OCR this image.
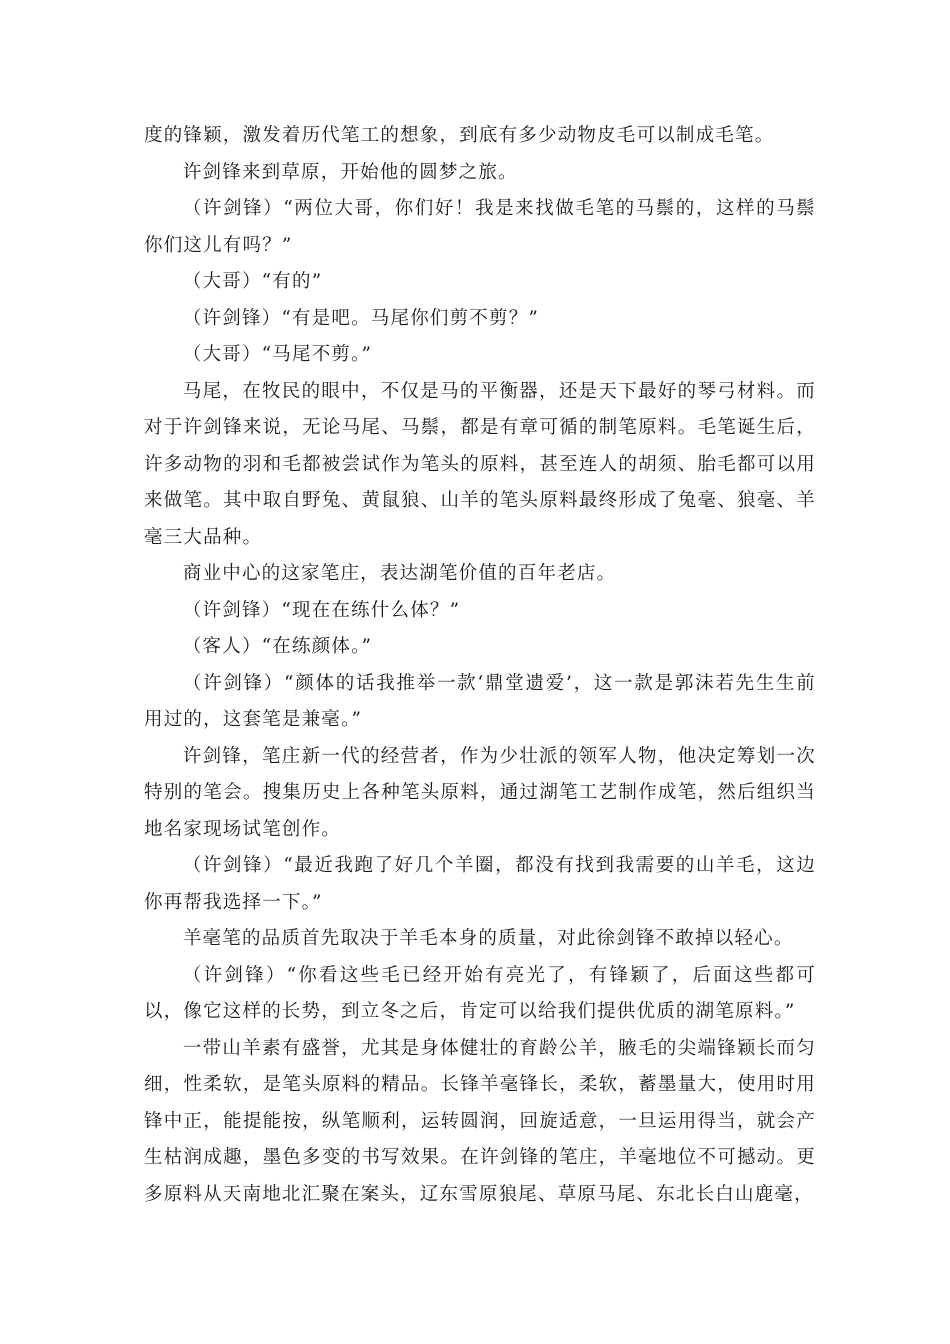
度的锋颖，激发着历代笔工的想象，到底有多少动物皮毛可以制成毛笔。

许剑锋来到草原，开始他的圆梦之旅。

（许剑锋）“两位大哥，你们好！我是来找做毛笔的马鬃的，这样的马鬃你们这儿有吗？”

（大哥）“有的”

（许剑锋）“有是吧。马尾你们剪不剪？”

（大哥）“马尾不剪。”

马尾，在牧民的眼中，不仅是马的平衡器，还是天下最好的琴弓材料。而对于许剑锋来说，无论马尾、马鬃，都是有章可循的制笔原料。毛笔诞生后，许多动物的羽和毛都被尝试作为笔头的原料，甚至连人的胡须、胎毛都可以用来做笔。其中取自野兔、黄鼠狼、山羊的笔头原料最终形成了兔毫、狼毫、羊毫三大品种。

商业中心的这家笔庄，表达湖笔价值的百年老店。

（许剑锋）“现在在练什么体？”

（客人）“在练颜体。”

（许剑锋）“颜体的话我推举一款‘鼎堂遗爱’，这一款是郭沫若先生生前用过的，这套笔是兼毫。”

许剑锋，笔庄新一代的经营者，作为少壮派的领军人物，他决定筹划一次特别的笔会。搜集历史上各种笔头原料，通过湖笔工艺制作成笔，然后组织当地名家现场试笔创作。

（许剑锋）“最近我跑了好几个羊圈，都没有找到我需要的山羊毛，这边你再帮我选择一下。”

羊毫笔的品质首先取决于羊毛本身的质量，对此徐剑锋不敢掉以轻心。

（许剑锋）“你看这些毛已经开始有亮光了，有锋颖了，后面这些都可以，像它这样的长势，到立冬之后，肯定可以给我们提供优质的湖笔原料。”

一带山羊素有盛誉，尤其是身体健壮的育龄公羊，腋毛的尖端锋颖长而匀细，性柔软，是笔头原料的精品。长锋羊毫锋长，柔软，蓄墨量大，使用时用锋中正，能提能按，纵笔顺利，运转圆润，回旋适意，一旦运用得当，就会产生枯润成趣，墨色多变的书写效果。在许剑锋的笔庄，羊毫地位不可撼动。更多原料从天南地北汇聚在案头，辽东雪原狼尾、草原马尾、东北长白山鹿毫，
